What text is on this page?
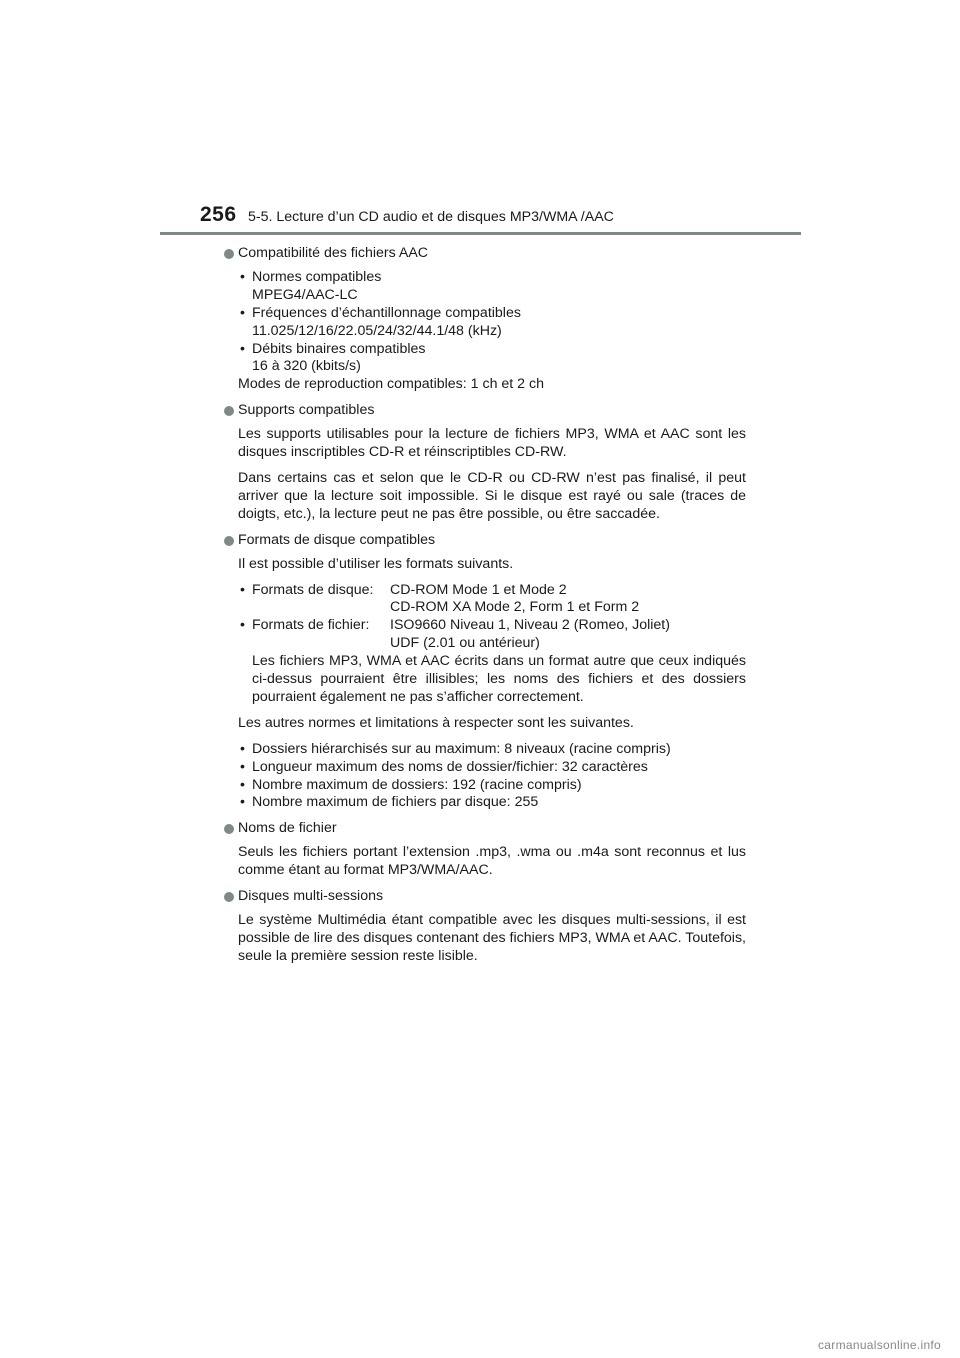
256 5-5. Lecture d’un CD audio et de disques MP3/WMA /AAC
Compatibilité des fichiers AAC
• Normes compatibles
MPEG4/AAC-LC
• Fréquences d’échantillonnage compatibles
11.025/12/16/22.05/24/32/44.1/48 (kHz)
• Débits binaires compatibles
16 à 320 (kbits/s)
Modes de reproduction compatibles: 1 ch et 2 ch
Supports compatibles
Les supports utilisables pour la lecture de fichiers MP3, WMA et AAC sont les disques inscriptibles CD-R et réinscriptibles CD-RW.
Dans certains cas et selon que le CD-R ou CD-RW n’est pas finalisé, il peut arriver que la lecture soit impossible. Si le disque est rayé ou sale (traces de doigts, etc.), la lecture peut ne pas être possible, ou être saccadée.
Formats de disque compatibles
Il est possible d’utiliser les formats suivants.
• Formats de disque:	CD-ROM Mode 1 et Mode 2
CD-ROM XA Mode 2, Form 1 et Form 2
• Formats de fichier:	ISO9660 Niveau 1, Niveau 2 (Romeo, Joliet)
UDF (2.01 ou antérieur)
Les fichiers MP3, WMA et AAC écrits dans un format autre que ceux indiqués ci-dessus pourraient être illisibles; les noms des fichiers et des dossiers pourraient également ne pas s’afficher correctement.
Les autres normes et limitations à respecter sont les suivantes.
• Dossiers hiérarchisés sur au maximum: 8 niveaux (racine compris)
• Longueur maximum des noms de dossier/fichier: 32 caractères
• Nombre maximum de dossiers: 192 (racine compris)
• Nombre maximum de fichiers par disque: 255
Noms de fichier
Seuls les fichiers portant l’extension .mp3, .wma ou .m4a sont reconnus et lus comme étant au format MP3/WMA/AAC.
Disques multi-sessions
Le système Multimédia étant compatible avec les disques multi-sessions, il est possible de lire des disques contenant des fichiers MP3, WMA et AAC. Toutefois, seule la première session reste lisible.
carmanualsonline.info
